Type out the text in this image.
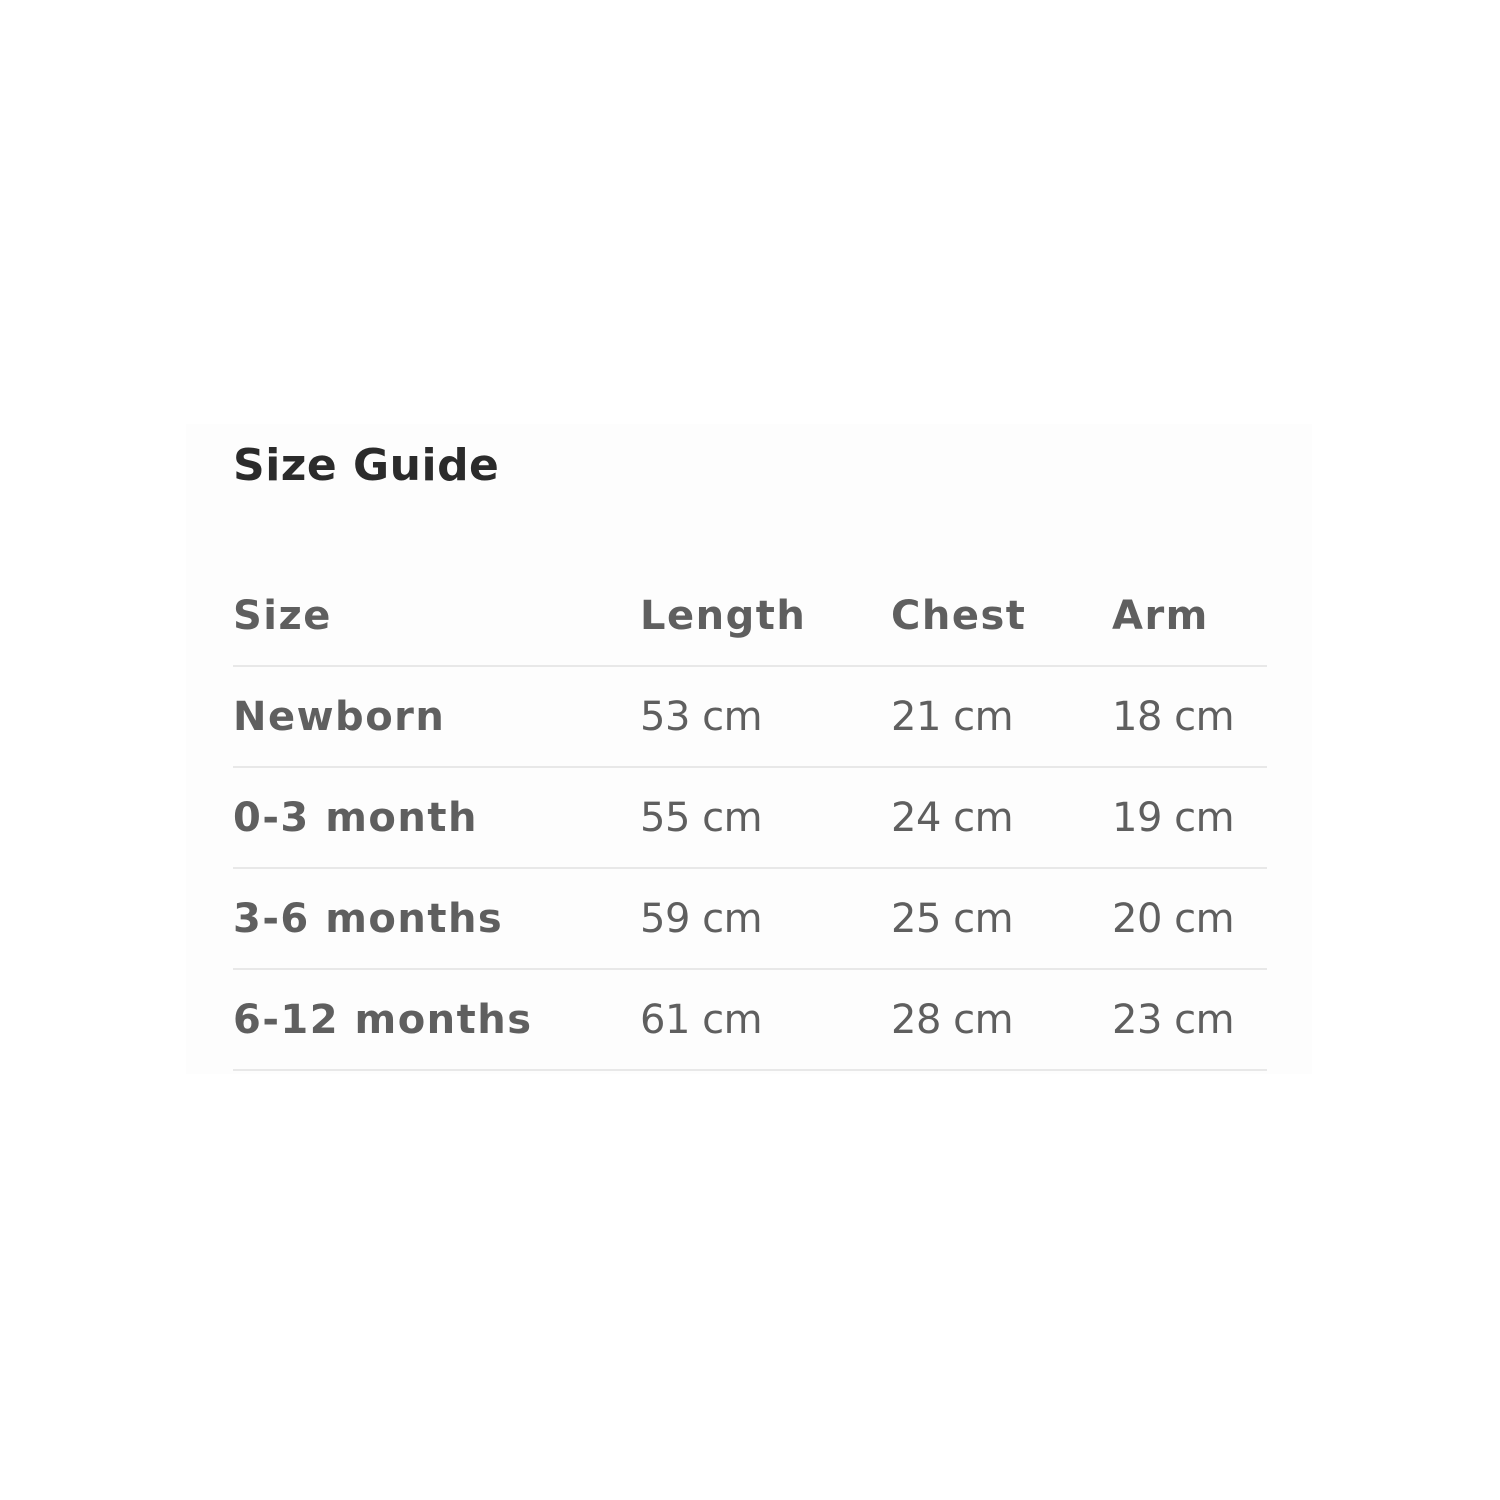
Size Guide
Size	Length Chest Arm
Newborn	53 cm	21 cm 18 cm
0-3 month	55 cm	24 cm 19 cm
3-6 months	59 cm	25 cm 20 cm
6-12 months	61 cm	28 cm 23 cm
